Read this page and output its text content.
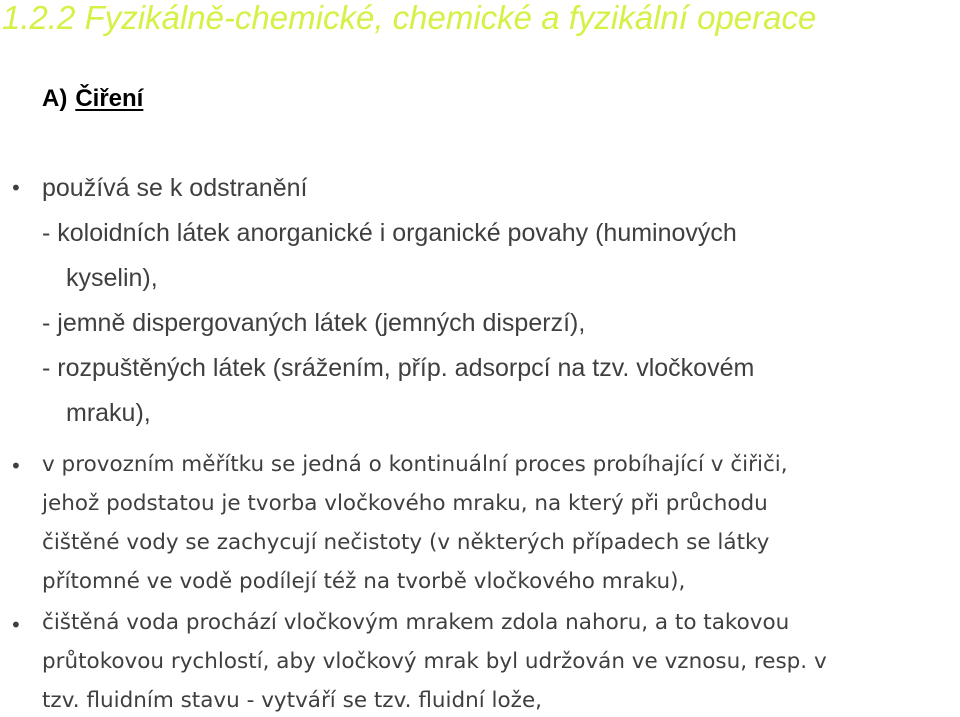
1.2.2 Fyzikálně-chemické, chemické a fyzikální operace
A) Čiření
• používá se k odstranění
- koloidních látek anorganické i organické povahy (huminových
kyselin),
- jemně dispergovaných látek (jemných disperzí),
- rozpuštěných látek (srážením, příp. adsorpcí na tzv. vločkovém
mraku),
• v provozním měřítku se jedná o kontinuální proces probíhající v čiřiči,
jehož podstatou je tvorba vločkového mraku, na který při průchodu
čištěné vody se zachycují nečistoty (v některých případech se látky
přítomné ve vodě podílejí též na tvorbě vločkového mraku),
• čištěná voda prochází vločkovým mrakem zdola nahoru, a to takovou
průtokovou rychlostí, aby vločkový mrak byl udržován ve vznosu, resp. v
tzv. fluidním stavu - vytváří se tzv. fluidní lože,
